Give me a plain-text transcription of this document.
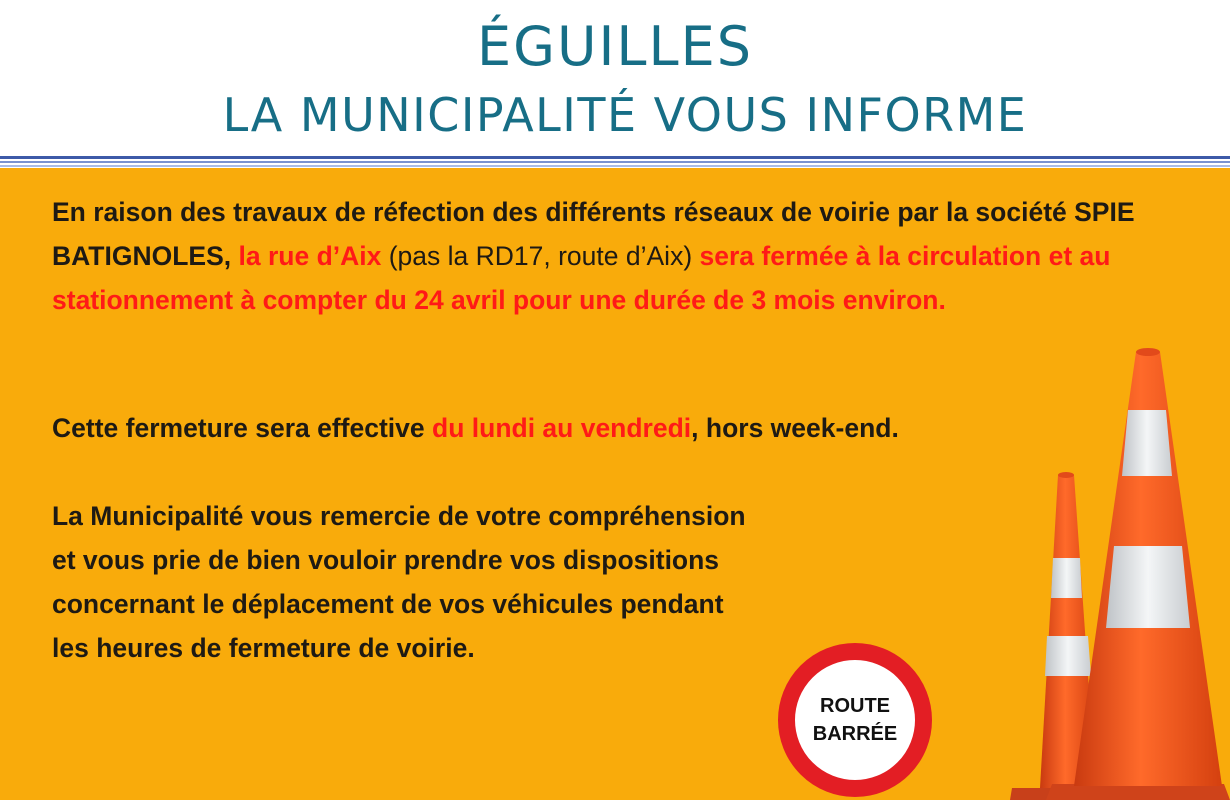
ÉGUILLES
LA MUNICIPALITÉ VOUS INFORME

En raison des travaux de réfection des différents réseaux de voirie par la société SPIE BATIGNOLES, la rue d’Aix (pas la RD17, route d’Aix) sera fermée à la circulation et au stationnement à compter du 24 avril pour une durée de 3 mois environ.

Cette fermeture sera effective du lundi au vendredi, hors week-end.

La Municipalité vous remercie de votre compréhension
et vous prie de bien vouloir prendre vos dispositions
concernant le déplacement de vos véhicules pendant
les heures de fermeture de voirie.

ROUTE
BARRÉE
